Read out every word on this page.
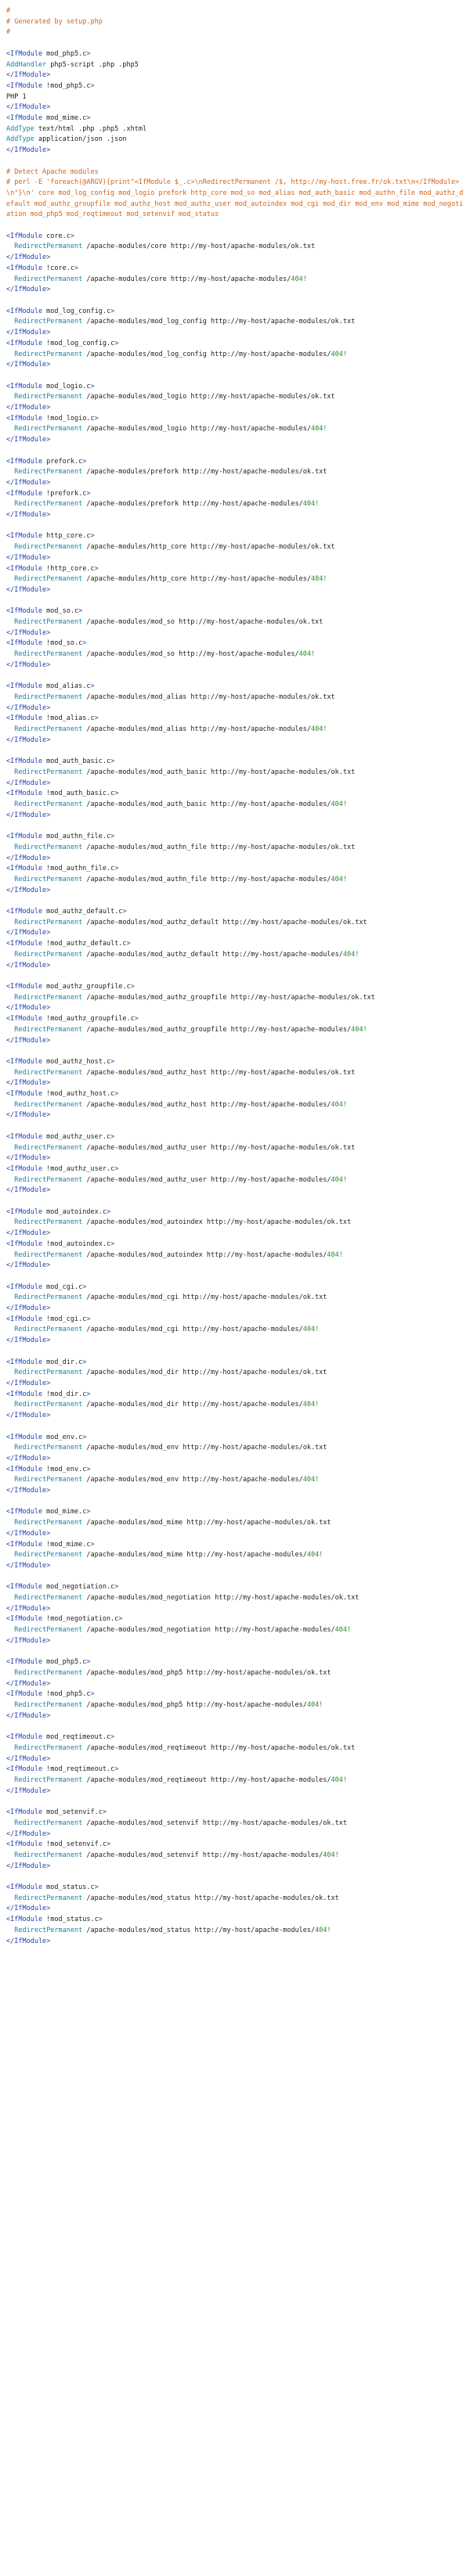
#
# Generated by setup.php
#

<IfModule mod_php5.c>
AddHandler php5-script .php .php5
</IfModule>
<IfModule !mod_php5.c>
PHP 1
</IfModule>
<IfModule mod_mime.c>
AddType text/html .php .php5 .xhtml
AddType application/json .json
</IfModule>

# Detect Apache modules
# perl -E 'foreach(@ARGV){print"<IfModule $_.c>\nRedirectPermanent /$, http://my-host.free.fr/ok.txt\n</IfModule>\n"}\n' core mod_log_config mod_logio prefork http_core mod_so mod_alias mod_auth_basic mod_authn_file mod_authz_default mod_authz_groupfile mod_authz_host mod_authz_user mod_autoindex mod_cgi mod_dir mod_env mod_mime mod_negotiation mod_php5 mod_reqtimeout mod_setenvif mod_status

<IfModule core.c>
RedirectPermanent /apache-modules/core http://my-host/apache-modules/ok.txt
</IfModule>
<IfModule !core.c>
RedirectPermanent /apache-modules/core http://my-host/apache-modules/404!
</IfModule>

<IfModule mod_log_config.c>
RedirectPermanent /apache-modules/mod_log_config http://my-host/apache-modules/ok.txt
</IfModule>
<IfModule !mod_log_config.c>
RedirectPermanent /apache-modules/mod_log_config http://my-host/apache-modules/404!
</IfModule>

<IfModule mod_logio.c>
RedirectPermanent /apache-modules/mod_logio http://my-host/apache-modules/ok.txt
</IfModule>
<IfModule !mod_logio.c>
RedirectPermanent /apache-modules/mod_logio http://my-host/apache-modules/404!
</IfModule>

<IfModule prefork.c>
RedirectPermanent /apache-modules/prefork http://my-host/apache-modules/ok.txt
</IfModule>
<IfModule !prefork.c>
RedirectPermanent /apache-modules/prefork http://my-host/apache-modules/404!
</IfModule>

<IfModule http_core.c>
RedirectPermanent /apache-modules/http_core http://my-host/apache-modules/ok.txt
</IfModule>
<IfModule !http_core.c>
RedirectPermanent /apache-modules/http_core http://my-host/apache-modules/404!
</IfModule>

<IfModule mod_so.c>
RedirectPermanent /apache-modules/mod_so http://my-host/apache-modules/ok.txt
</IfModule>
<IfModule !mod_so.c>
RedirectPermanent /apache-modules/mod_so http://my-host/apache-modules/404!
</IfModule>

<IfModule mod_alias.c>
RedirectPermanent /apache-modules/mod_alias http://my-host/apache-modules/ok.txt
</IfModule>
<IfModule !mod_alias.c>
RedirectPermanent /apache-modules/mod_alias http://my-host/apache-modules/404!
</IfModule>

<IfModule mod_auth_basic.c>
RedirectPermanent /apache-modules/mod_auth_basic http://my-host/apache-modules/ok.txt
</IfModule>
<IfModule !mod_auth_basic.c>
RedirectPermanent /apache-modules/mod_auth_basic http://my-host/apache-modules/404!
</IfModule>

<IfModule mod_authn_file.c>
RedirectPermanent /apache-modules/mod_authn_file http://my-host/apache-modules/ok.txt
</IfModule>
<IfModule !mod_authn_file.c>
RedirectPermanent /apache-modules/mod_authn_file http://my-host/apache-modules/404!
</IfModule>

<IfModule mod_authz_default.c>
RedirectPermanent /apache-modules/mod_authz_default http://my-host/apache-modules/ok.txt
</IfModule>
<IfModule !mod_authz_default.c>
RedirectPermanent /apache-modules/mod_authz_default http://my-host/apache-modules/404!
</IfModule>

<IfModule mod_authz_groupfile.c>
RedirectPermanent /apache-modules/mod_authz_groupfile http://my-host/apache-modules/ok.txt
</IfModule>
<IfModule !mod_authz_groupfile.c>
RedirectPermanent /apache-modules/mod_authz_groupfile http://my-host/apache-modules/404!
</IfModule>

<IfModule mod_authz_host.c>
RedirectPermanent /apache-modules/mod_authz_host http://my-host/apache-modules/ok.txt
</IfModule>
<IfModule !mod_authz_host.c>
RedirectPermanent /apache-modules/mod_authz_host http://my-host/apache-modules/404!
</IfModule>

<IfModule mod_authz_user.c>
RedirectPermanent /apache-modules/mod_authz_user http://my-host/apache-modules/ok.txt
</IfModule>
<IfModule !mod_authz_user.c>
RedirectPermanent /apache-modules/mod_authz_user http://my-host/apache-modules/404!
</IfModule>

<IfModule mod_autoindex.c>
RedirectPermanent /apache-modules/mod_autoindex http://my-host/apache-modules/ok.txt
</IfModule>
<IfModule !mod_autoindex.c>
RedirectPermanent /apache-modules/mod_autoindex http://my-host/apache-modules/404!
</IfModule>

<IfModule mod_cgi.c>
RedirectPermanent /apache-modules/mod_cgi http://my-host/apache-modules/ok.txt
</IfModule>
<IfModule !mod_cgi.c>
RedirectPermanent /apache-modules/mod_cgi http://my-host/apache-modules/404!
</IfModule>

<IfModule mod_dir.c>
RedirectPermanent /apache-modules/mod_dir http://my-host/apache-modules/ok.txt
</IfModule>
<IfModule !mod_dir.c>
RedirectPermanent /apache-modules/mod_dir http://my-host/apache-modules/404!
</IfModule>

<IfModule mod_env.c>
RedirectPermanent /apache-modules/mod_env http://my-host/apache-modules/ok.txt
</IfModule>
<IfModule !mod_env.c>
RedirectPermanent /apache-modules/mod_env http://my-host/apache-modules/404!
</IfModule>

<IfModule mod_mime.c>
RedirectPermanent /apache-modules/mod_mime http://my-host/apache-modules/ok.txt
</IfModule>
<IfModule !mod_mime.c>
RedirectPermanent /apache-modules/mod_mime http://my-host/apache-modules/404!
</IfModule>

<IfModule mod_negotiation.c>
RedirectPermanent /apache-modules/mod_negotiation http://my-host/apache-modules/ok.txt
</IfModule>
<IfModule !mod_negotiation.c>
RedirectPermanent /apache-modules/mod_negotiation http://my-host/apache-modules/404!
</IfModule>

<IfModule mod_php5.c>
RedirectPermanent /apache-modules/mod_php5 http://my-host/apache-modules/ok.txt
</IfModule>
<IfModule !mod_php5.c>
RedirectPermanent /apache-modules/mod_php5 http://my-host/apache-modules/404!
</IfModule>

<IfModule mod_reqtimeout.c>
RedirectPermanent /apache-modules/mod_reqtimeout http://my-host/apache-modules/ok.txt
</IfModule>
<IfModule !mod_reqtimeout.c>
RedirectPermanent /apache-modules/mod_reqtimeout http://my-host/apache-modules/404!
</IfModule>

<IfModule mod_setenvif.c>
RedirectPermanent /apache-modules/mod_setenvif http://my-host/apache-modules/ok.txt
</IfModule>
<IfModule !mod_setenvif.c>
RedirectPermanent /apache-modules/mod_setenvif http://my-host/apache-modules/404!
</IfModule>

<IfModule mod_status.c>
RedirectPermanent /apache-modules/mod_status http://my-host/apache-modules/ok.txt
</IfModule>
<IfModule !mod_status.c>
RedirectPermanent /apache-modules/mod_status http://my-host/apache-modules/404!
</IfModule>
